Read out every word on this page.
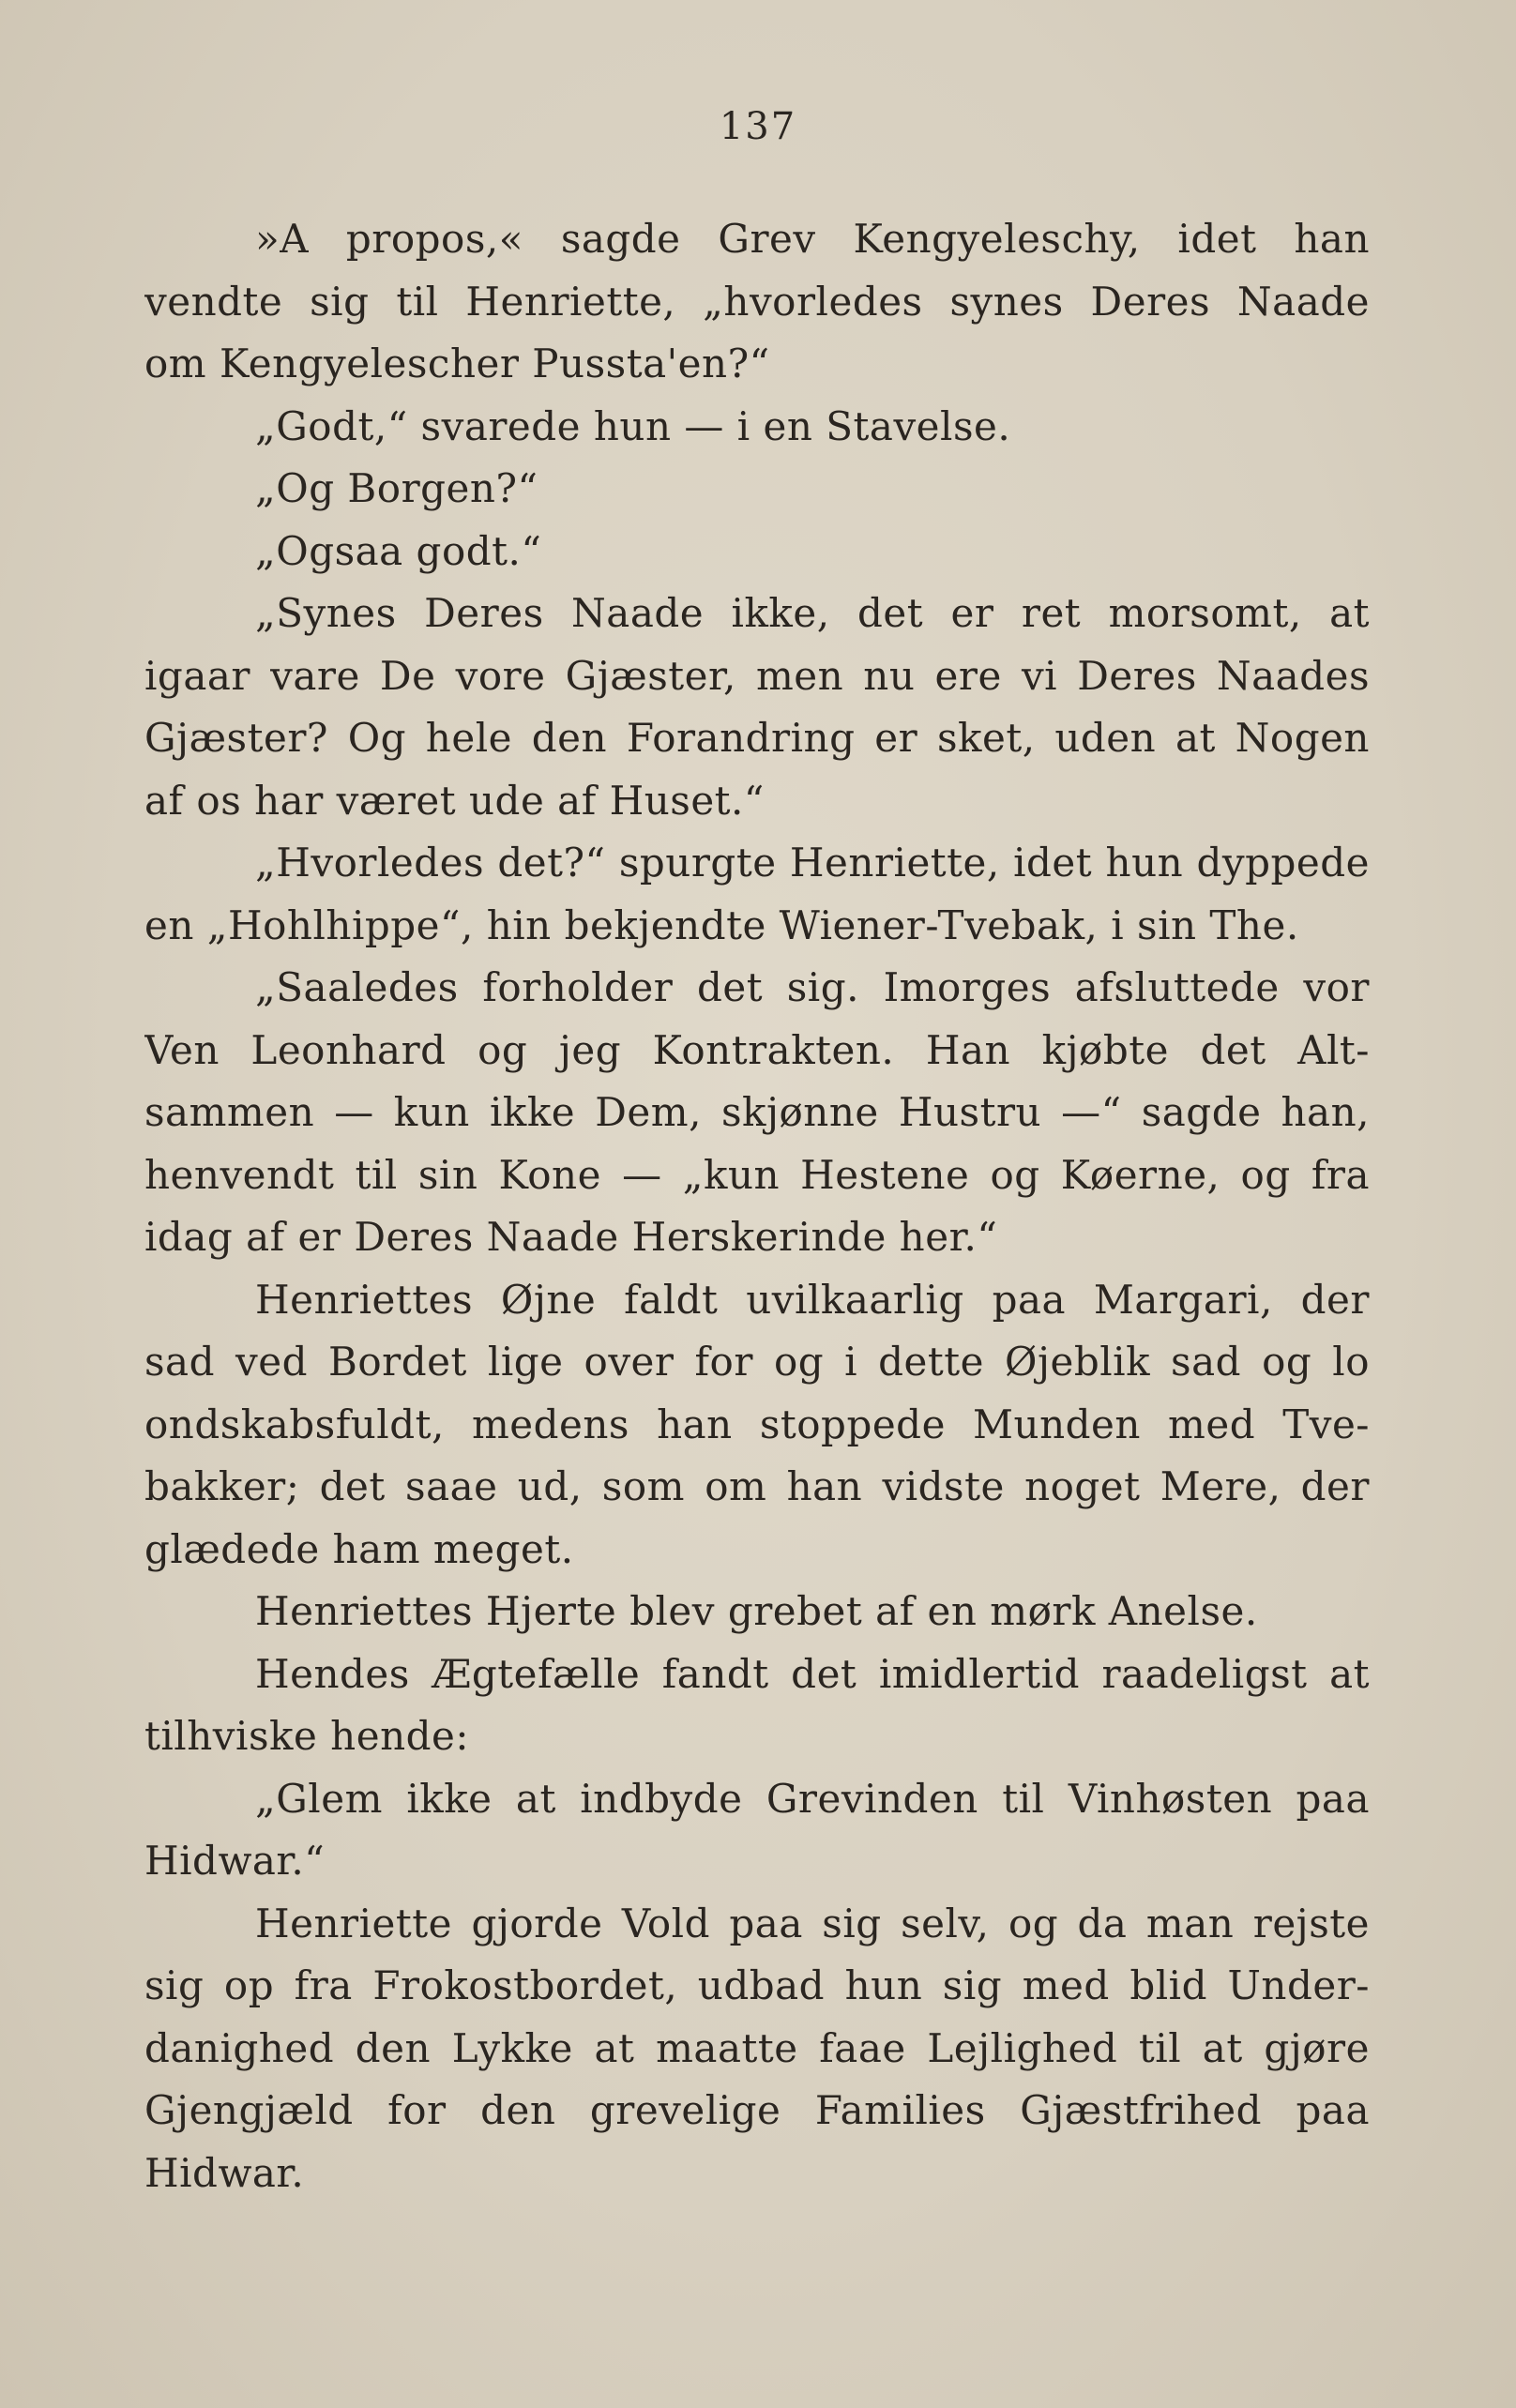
137
»A propos,« sagde Grev Kengyeleschy, idet han
vendte sig til Henriette, „hvorledes synes Deres Naade
om Kengyelescher Pussta'en?“
„Godt,“ svarede hun — i en Stavelse.
„Og Borgen?“
„Ogsaa godt.“
„Synes Deres Naade ikke, det er ret morsomt, at
igaar vare De vore Gjæster, men nu ere vi Deres Naades
Gjæster? Og hele den Forandring er sket, uden at Nogen
af os har været ude af Huset.“
„Hvorledes det?“ spurgte Henriette, idet hun dyppede
en „Hohlhippe“, hin bekjendte Wiener-Tvebak, i sin The.
„Saaledes forholder det sig. Imorges afsluttede vor
Ven Leonhard og jeg Kontrakten. Han kjøbte det Alt-
sammen — kun ikke Dem, skjønne Hustru —“ sagde han,
henvendt til sin Kone — „kun Hestene og Køerne, og fra
idag af er Deres Naade Herskerinde her.“
Henriettes Øjne faldt uvilkaarlig paa Margari, der
sad ved Bordet lige over for og i dette Øjeblik sad og lo
ondskabsfuldt, medens han stoppede Munden med Tve-
bakker; det saae ud, som om han vidste noget Mere, der
glædede ham meget.
Henriettes Hjerte blev grebet af en mørk Anelse.
Hendes Ægtefælle fandt det imidlertid raadeligst at
tilhviske hende:
„Glem ikke at indbyde Grevinden til Vinhøsten paa
Hidwar.“
Henriette gjorde Vold paa sig selv, og da man rejste
sig op fra Frokostbordet, udbad hun sig med blid Under-
danighed den Lykke at maatte faae Lejlighed til at gjøre
Gjengjæld for den grevelige Families Gjæstfrihed paa
Hidwar.
